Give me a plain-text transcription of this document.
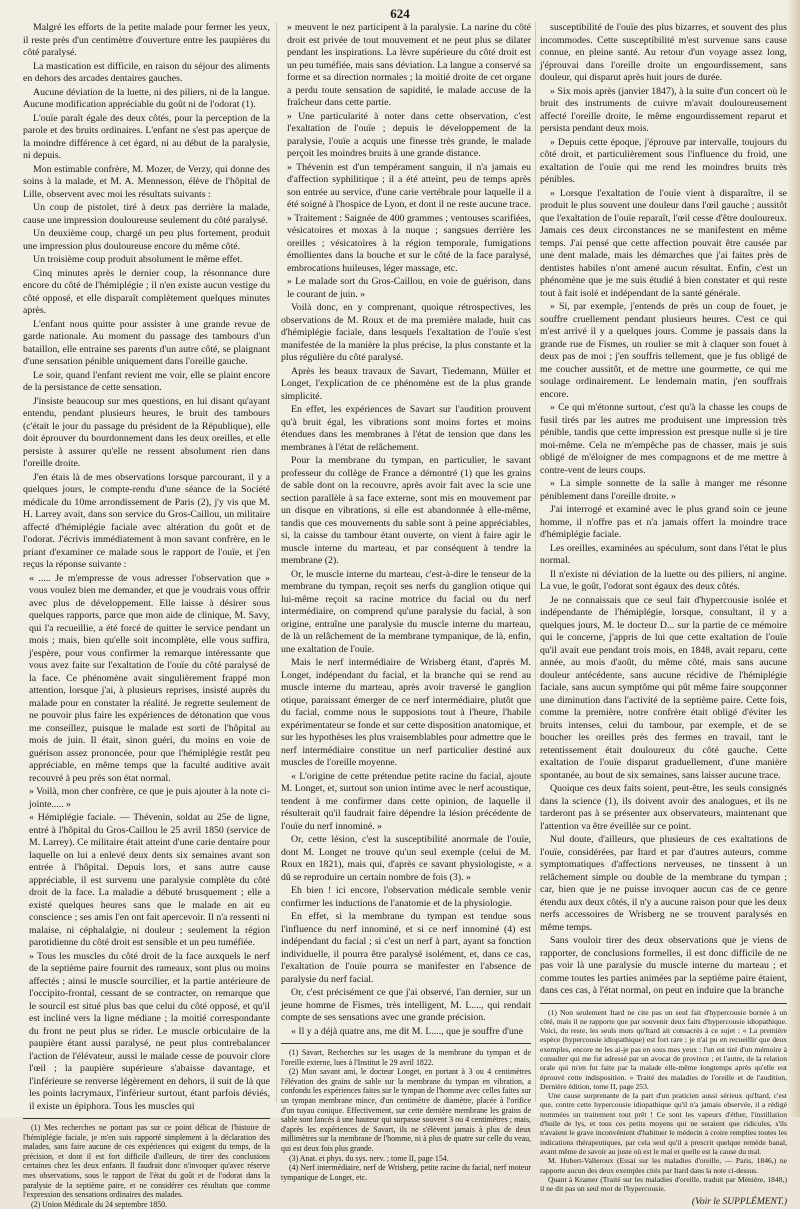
624

Malgré les efforts de la petite malade pour fermer les yeux, il reste près d'un centimètre d'ouverture entre les paupières du côté paralysé.

La mastication est difficile, en raison du séjour des aliments en dehors des arcades dentaires gauches.

Aucune déviation de la luette, ni des piliers, ni de la langue. Aucune modification appréciable du goût ni de l'odorat (1).

L'ouïe paraît égale des deux côtés, pour la perception de la parole et des bruits ordinaires. L'enfant ne s'est pas aperçue de la moindre différence à cet égard, ni au début de la paralysie, ni depuis.

Mon estimable confrère, M. Mozer, de Verzy, qui donne des soins à la malade, et M. A. Mennesson, élève de l'hôpital de Lille, observent avec moi les résultats suivants :

Un coup de pistolet, tiré à deux pas derrière la malade, cause une impression douloureuse seulement du côté paralysé.

Un deuxième coup, chargé un peu plus fortement, produit une impression plus douloureuse encore du même côté.

Un troisième coup produit absolument le même effet.

Cinq minutes après le dernier coup, la résonnance dure encore du côté de l'hémiplégie ; il n'en existe aucun vestige du côté opposé, et elle disparaît complètement quelques minutes après.

L'enfant nous quitte pour assister à une grande revue de garde nationale. Au moment du passage des tambours d'un bataillon, elle entraine ses parents d'un autre côté, se plaignant d'une sensation pénible uniquement dans l'oreille gauche.

Le soir, quand l'enfant revient me voir, elle se plaint encore de la persistance de cette sensation.

J'insiste beaucoup sur mes questions, en lui disant qu'ayant entendu, pendant plusieurs heures, le bruit des tambours (c'était le jour du passage du président de la République), elle doit éprouver du bourdonnement dans les deux oreilles, et elle persiste à assurer qu'elle ne ressent absolument rien dans l'oreille droite.

J'en étais là de mes observations lorsque parcourant, il y a quelques jours, le compte-rendu d'une séance de la Société médicale du 10me arrondissement de Paris (2), j'y vis que M. H. Larrey avait, dans son service du Gros-Caillou, un militaire affecté d'hémiplégie faciale avec altération du goût et de l'odorat. J'écrivis immédiatement à mon savant confrère, en le priant d'examiner ce malade sous le rapport de l'ouïe, et j'en reçus la réponse suivante :

« ..... Je m'empresse de vous adresser l'observation que » vous voulez bien me demander, et que je voudrais vous offrir avec plus de développement. Elle laisse à désirer sous quelques rapports, parce que mon aide de clinique, M. Savy, qui l'a recueillie, a été forcé de quitter le service pendant un mois ; mais, bien qu'elle soit incomplète, elle vous suffira, j'espère, pour vous confirmer la remarque intéressante que vous avez faite sur l'exaltation de l'ouïe du côté paralysé de la face. Ce phénomène avait singulièrement frappé mon attention, lorsque j'ai, à plusieurs reprises, insisté auprès du malade pour en constater la réalité. Je regrette seulement de ne pouvoir plus faire les expériences de détonation que vous me conseillez, puisque le malade est sorti de l'hôpital au mois de juin. Il était, sinon guéri, du moins en voie de guérison assez prononcée, pour que l'hémiplégie restât peu appréciable, en même temps que la faculté auditive avait recouvré à peu près son état normal.

» Voilà, mon cher confrère, ce que je puis ajouter à la note ci-jointe..... »

« Hémiplégie faciale. — Thévenin, soldat au 25e de ligne, entré à l'hôpital du Gros-Caillou le 25 avril 1850 (service de M. Larrey). Ce militaire était atteint d'une carie dentaire pour laquelle on lui a enlevé deux dents six semaines avant son entrée à l'hôpital. Depuis lors, et sans autre cause appréciable, il est survenu une paralysie complète du côté droit de la face. La maladie a débuté brusquement ; elle a existé quelques heures sans que le malade en ait eu conscience ; ses amis l'en ont fait apercevoir. Il n'a ressenti ni malaise, ni céphalalgie, ni douleur ; seulement la région parotidienne du côté droit est sensible et un peu tuméfiée.

» Tous les muscles du côté droit de la face auxquels le nerf de la septième paire fournit des rameaux, sont plus ou moins affectés ; ainsi le muscle sourcilier, et la partie antérieure de l'occipito-frontal, cessant de se contracter, on remarque que le sourcil est situé plus bas que celui du côté opposé, et qu'il est incliné vers la ligne médiane ; la moitié correspondante du front ne peut plus se rider. Le muscle orbiculaire de la paupière étant aussi paralysé, ne peut plus contrebalancer l'action de l'élévateur, aussi le malade cesse de pouvoir clore l'œil ; la paupière supérieure s'abaisse davantage, et l'inférieure se renverse légèrement en dehors, il suit de là que les points lacrymaux, l'inférieur surtout, étant parfois déviés, il existe un épiphora. Tous les muscles qui

(1) Mes recherches ne portant pas sur ce point délicat de l'histoire de l'hémiplégie faciale, je m'en suis rapporté simplement à la déclaration des malades, sans faire aucune de ces expériences qui exigent du temps, de la précision, et dont il est fort difficile d'ailleurs, de tirer des conclusions certaines chez les deux enfants. Il faudrait donc n'invoquer qu'avec réserve mes observations, sous le rapport de l'état du goût et de l'odorat dans la paralysie de la septième paire, et ne considérer ces résultats que comme l'expression des sensations ordinaires des malades.

(2) Union Médicale du 24 septembre 1850.

» meuvent le nez participent à la paralysie. La narine du côté droit est privée de tout mouvement et ne peut plus se dilater pendant les inspirations. La lèvre supérieure du côté droit est un peu tuméfiée, mais sans déviation. La langue a conservé sa forme et sa direction normales ; la moitié droite de cet organe a perdu toute sensation de sapidité, le malade accuse de la fraîcheur dans cette partie.

» Une particularité à noter dans cette observation, c'est l'exaltation de l'ouïe ; depuis le développement de la paralysie, l'ouïe a acquis une finesse très grande, le malade perçoit les moindres bruits à une grande distance.

» Thévenin est d'un tempérament sanguin, il n'a jamais eu d'affection syphilitique ; il a été atteint, peu de temps après son entrée au service, d'une carie vertébrale pour laquelle il a été soigné à l'hospice de Lyon, et dont il ne reste aucune trace.

» Traitement : Saignée de 400 grammes ; ventouses scarifiées, vésicatoires et moxas à la nuque ; sangsues derrière les oreilles ; vésicatoires à la région temporale, fumigations émollientes dans la bouche et sur le côté de la face paralysé, embrocations huileuses, léger massage, etc.

» Le malade sort du Gros-Caillou, en voie de guérison, dans le courant de juin. »

Voilà donc, en y comprenant, quoique rétrospectives, les observations de M. Roux et de ma première malade, huit cas d'hémiplégie faciale, dans lesquels l'exaltation de l'ouïe s'est manifestée de la manière la plus précise, la plus constante et la plus régulière du côté paralysé.

Après les beaux travaux de Savart, Tiedemann, Müller et Longet, l'explication de ce phénomène est de la plus grande simplicité.

En effet, les expériences de Savart sur l'audition prouvent qu'à bruit égal, les vibrations sont moins fortes et moins étendues dans les membranes à l'état de tension que dans les membranes à l'état de relâchement.

Pour la membrane du tympan, en particulier, le savant professeur du collège de France a démontré (1) que les grains de sable dont on la recouvre, après avoir fait avec la scie une section parallèle à sa face externe, sont mis en mouvement par un disque en vibrations, si elle est abandonnée à elle-même, tandis que ces mouvements du sable sont à peine appréciables, si, la caisse du tambour étant ouverte, on vient à faire agir le muscle interne du marteau, et par conséquent à tendre la membrane (2).

Or, le muscle interne du marteau, c'est-à-dire le tenseur de la membrane du tympan, reçoit ses nerfs du ganglion otique qui lui-même reçoit sa racine motrice du facial ou du nerf intermédiaire, on comprend qu'une paralysie du facial, à son origine, entraîne une paralysie du muscle interne du marteau, de là un relâchement de la membrane tympanique, de là, enfin, une exaltation de l'ouïe.

Mais le nerf intermédiaire de Wrisberg étant, d'après M. Longet, indépendant du facial, et la branche qui se rend au muscle interne du marteau, après avoir traversé le ganglion otique, paraissant émerger de ce nerf intermédiaire, plutôt que du facial, comme nous le supposions tout à l'heure, l'habile expérimentateur se fonde et sur cette disposition anatomique, et sur les hypothèses les plus vraisemblables pour admettre que le nerf intermédiaire constitue un nerf particulier destiné aux muscles de l'oreille moyenne.

« L'origine de cette prétendue petite racine du facial, ajoute M. Longet, et, surtout son union intime avec le nerf acoustique, tendent à me confirmer dans cette opinion, de laquelle il résulterait qu'il faudrait faire dépendre la lésion précédente de l'ouïe du nerf innominé. »

Or, cette lésion, c'est la susceptibilité anormale de l'ouïe, dont M. Longet ne trouve qu'un seul exemple (celui de M. Roux en 1821), mais qui, d'après ce savant physiologiste, « a dû se reproduire un certain nombre de fois (3). »

Eh bien ! ici encore, l'observation médicale semble venir confirmer les inductions de l'anatomie et de la physiologie.

En effet, si la membrane du tympan est tendue sous l'influence du nerf innominé, et si ce nerf innominé (4) est indépendant du facial ; si c'est un nerf à part, ayant sa fonction individuelle, il pourra être paralysé isolément, et, dans ce cas, l'exaltation de l'ouïe pourra se manifester en l'absence de paralysie du nerf facial.

Or, c'est précisément ce que j'ai observé, l'an dernier, sur un jeune homme de Fismes, très intelligent, M. L...., qui rendait compte de ses sensations avec une grande précision.

« Il y a déjà quatre ans, me dit M. L...., que je souffre d'une

(1) Savart, Recherches sur les usages de la membrane du tympan et de l'oreille externe, lues à l'Institut le 29 avril 1822.

(2) Mon savant ami, le docteur Longet, en portant à 3 ou 4 centimètres l'élévation des grains de sable sur la membrane du tympan en vibration, a confondu les expériences faites sur le tympan de l'homme avec celles faites sur un tympan membrane mince, d'un centimètre de diamètre, placée à l'orifice d'un tuyau conique. Effectivement, sur cette dernière membrane les grains de sable sont lancés à une hauteur qui surpasse souvent 3 ou 4 centimètres ; mais, d'après les expériences de Savart, ils ne s'élèvent jamais à plus de deux millimètres sur la membrane de l'homme, ni à plus de quatre sur celle du veau, qui est deux fois plus grande.

(3) Anat. et phys. du sys. nerv. ; tome II, page 154.

(4) Nerf intermédiaire, nerf de Wrisberg, petite racine du facial, nerf moteur tympanique de Longet, etc.

susceptibilité de l'ouïe des plus bizarres, et souvent des plus incommodes. Cette susceptibilité m'est survenue sans cause connue, en pleine santé. Au retour d'un voyage assez long, j'éprouvai dans l'oreille droite un engourdissement, sans douleur, qui disparut après huit jours de durée.

» Six mois après (janvier 1847), à la suite d'un concert où le bruit des instruments de cuivre m'avait douloureusement affecté l'oreille droite, le même engourdissement reparut et persista pendant deux mois.

» Depuis cette époque, j'éprouve par intervalle, toujours du côté droit, et particulièrement sous l'influence du froid, une exaltation de l'ouïe qui me rend les moindres bruits très pénibles.

» Lorsque l'exaltation de l'ouïe vient à disparaître, il se produit le plus souvent une douleur dans l'œil gauche ; aussitôt que l'exaltation de l'ouïe reparaît, l'œil cesse d'être douloureux. Jamais ces deux circonstances ne se manifestent en même temps. J'ai pensé que cette affection pouvait être causée par une dent malade, mais les démarches que j'ai faites près de dentistes habiles n'ont amené aucun résultat. Enfin, c'est un phénomène que je me suis étudié à bien constater et qui reste tout à fait isolé et indépendant de la santé générale.

» Si, par exemple, j'entends de près un coup de fouet, je souffre cruellement pendant plusieurs heures. C'est ce qui m'est arrivé il y a quelques jours. Comme je passais dans la grande rue de Fismes, un roulier se mit à claquer son fouet à deux pas de moi ; j'en souffris tellement, que je fus obligé de me coucher aussitôt, et de mettre une gourmette, ce qui me soulage ordinairement. Le lendemain matin, j'en souffrais encore.

» Ce qui m'étonne surtout, c'est qu'à la chasse les coups de fusil tirés par les autres me produisent une impression très pénible, tandis que cette impression est presque nulle si je tire moi-même. Cela ne m'empêche pas de chasser, mais je suis obligé de m'éloigner de mes compagnons et de me mettre à contre-vent de leurs coups.

» La simple sonnette de la salle à manger me résonne péniblement dans l'oreille droite. »

J'ai interrogé et examiné avec le plus grand soin ce jeune homme, il n'offre pas et n'a jamais offert la moindre trace d'hémiplégie faciale.

Les oreilles, examinées au spéculum, sont dans l'état le plus normal.

Il n'existe ni déviation de la luette ou des piliers, ni angine. La vue, le goût, l'odorat sont égaux des deux côtés.

Je ne connaissais que ce seul fait d'hypercousie isolée et indépendante de l'hémiplégie, lorsque, consultant, il y a quelques jours, M. le docteur D... sur la partie de ce mémoire qui le concerne, j'appris de lui que cette exaltation de l'ouïe qu'il avait eue pendant trois mois, en 1848, avait reparu, cette année, au mois d'août, du même côté, mais sans aucune douleur antécédente, sans aucune récidive de l'hémiplégie faciale, sans aucun symptôme qui pût même faire soupçonner une diminution dans l'activité de la septième paire. Cette fois, comme la première, notre confrère était obligé d'éviter les bruits intenses, celui du tambour, par exemple, et de se boucher les oreilles près des fermes en travail, tant le retentissement était douloureux du côté gauche. Cette exaltation de l'ouïe disparut graduellement, d'une manière spontanée, au bout de six semaines, sans laisser aucune trace.

Quoique ces deux faits soient, peut-être, les seuls consignés dans la science (1), ils doivent avoir des analogues, et ils ne tarderont pas à se présenter aux observateurs, maintenant que l'attention va être éveillée sur ce point.

Nul doute, d'ailleurs, que plusieurs de ces exaltations de l'ouïe, considérées, par Itard et par d'autres auteurs, comme symptomatiques d'affections nerveuses, ne tinssent à un relâchement simple ou double de la membrane du tympan ; car, bien que je ne puisse invoquer aucun cas de ce genre étendu aux deux côtés, il n'y a aucune raison pour que les deux nerfs accessoires de Wrisberg ne se trouvent paralysés en même temps.

Sans vouloir tirer des deux observations que je viens de rapporter, de conclusions formelles, il est donc difficile de ne pas voir là une paralysie du muscle interne du marteau ; et comme toutes les parties animées par la septième paire étaient, dans ces cas, à l'état normal, on peut en induire que la branche

(1) Non seulement Itard ne cite pas un seul fait d'hypercousie bornée à un côté, mais il ne rapporte que par souvenir deux faits d'hypercousie idiopathique. Voici, du reste, les seuls mots qu'Itard ait consacrés à ce sujet : « La première espèce (hypercousie idiopathique) est fort rare ; je n'ai pu en recueillir que deux exemples, encore ne les ai-je pas en sous mes yeux : l'un est tiré d'un mémoire à consulter qui me fut adressé par un avocat de province ; et l'autre, de la relation orale qui m'en fut faite par la malade elle-même longtemps après qu'elle eut éprouvé cette indisposition. » Traité des maladies de l'oreille et de l'audition, Dernière édition, tome II, page 253.

Une cause surprenante de la part d'un praticien aussi sérieux qu'Itard, c'est que, contre cette hypercousie idiopathique qu'il n'a jamais observée, il a rédigé nommées un traitement tout prêt ! Ce sont les vapeurs d'éther, l'instillation d'huile de lys, et tous ces petits moyens qui ne seraient que ridicules, s'ils n'avaient le grave inconvénient d'habituer le médecin à croire remplies toutes les indications thérapeutiques, par cela seul qu'il a prescrit quelque remède banal, avant même de savoir au juste où est le mal et quelle est la cause du mal.

M. Hubert-Valleroux (Essai sur les maladies d'oreille, — Paris, 1846,) ne rapporte aucun des deux exemples cités par Itard dans la note ci-dessus.

Quant à Kramer (Traité sur les maladies d'oreille, traduit par Ménière, 1848,) il ne dit pas un seul mot de l'hypercousie.

(Voir le SUPPLÉMENT.)
